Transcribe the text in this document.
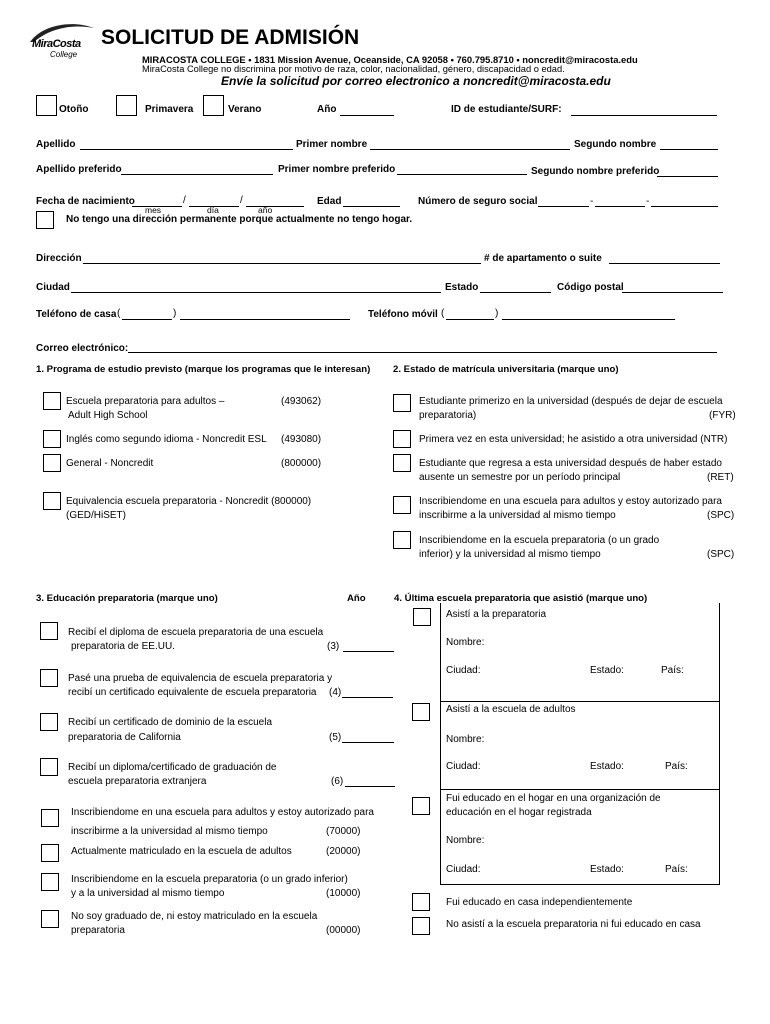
MiraCosta
College
SOLICITUD DE ADMISIÓN
MIRACOSTA COLLEGE • 1831 Mission Avenue, Oceanside, CA 92058 • 760.795.8710 • noncredit@miracosta.edu
MiraCosta College no discrimina por motivo de raza, color, nacionalidad, género, discapacidad o edad.
Envíe la solicitud por correo electronico a noncredit@miracosta.edu
Otoño	Primavera	Verano	Año	ID de estudiante/SURF:
Apellido	Primer nombre	Segundo nombre
Apellido preferido	Primer nombre preferido	Segundo nombre preferido
Fecha de nacimiento	/	/
mes	día	año
Edad	Número de seguro social	-	-
No tengo una dirección permanente porque actualmente no tengo hogar.
Dirección	# de apartamento o suite
Ciudad	Estado	Código postal
Teléfono de casa (	)	Teléfono móvil (	)
Correo electrónico:
1. Programa de estudio previsto (marque los programas que le interesan) 2. Estado de matrícula universitaria (marque uno)
Escuela preparatoria para adultos –
Adult High School
(493062)
Inglés como segundo idioma - Noncredit ESL (493080)
General - Noncredit	(800000)
Equivalencia escuela preparatoria - Noncredit (800000)
(GED/HiSET)
Estudiante primerizo en la universidad (después de dejar de escuela
preparatoria)	(FYR)
Primera vez en esta universidad; he asistido a otra universidad (NTR)
Estudiante que regresa a esta universidad después de haber estado
ausente un semestre por un período principal	(RET)
Inscribiendome en una escuela para adultos y estoy autorizado para
inscribirme a la universidad al mismo tiempo	(SPC)
Inscribiendome en la escuela preparatoria (o un grado
inferior) y la universidad al mismo tiempo	(SPC)
3. Educación preparatoria (marque uno)	Año
Recibí el diploma de escuela preparatoria de una escuela
preparatoria de EE.UU.	(3)
Pasé una prueba de equivalencia de escuela preparatoria y
recibí un certificado equivalente de escuela preparatoria (4)
Recibí un certificado de dominio de la escuela
preparatoria de California	(5)
Recibí un diploma/certificado de graduación de
escuela preparatoria extranjera	(6)
Inscribiendome en una escuela para adultos y estoy autorizado para
inscribirme a la universidad al mismo tiempo	(70000)
Actualmente matriculado en la escuela de adultos	(20000)
Inscribiendome en la escuela preparatoria (o un grado inferior)
y a la universidad al mismo tiempo	(10000)
No soy graduado de, ni estoy matriculado en la escuela
preparatoria	(00000)
4. Última escuela preparatoria que asistió (marque uno)
Asistí a la preparatoria
Nombre:
Ciudad:	Estado:	País:
Asistí a la escuela de adultos
Nombre:
Ciudad:	Estado:	País:
Fui educado en el hogar en una organización de
educación en el hogar registrada
Nombre:
Ciudad:	Estado:	País:
Fui educado en casa independientemente
No asistí a la escuela preparatoria ni fui educado en casa
